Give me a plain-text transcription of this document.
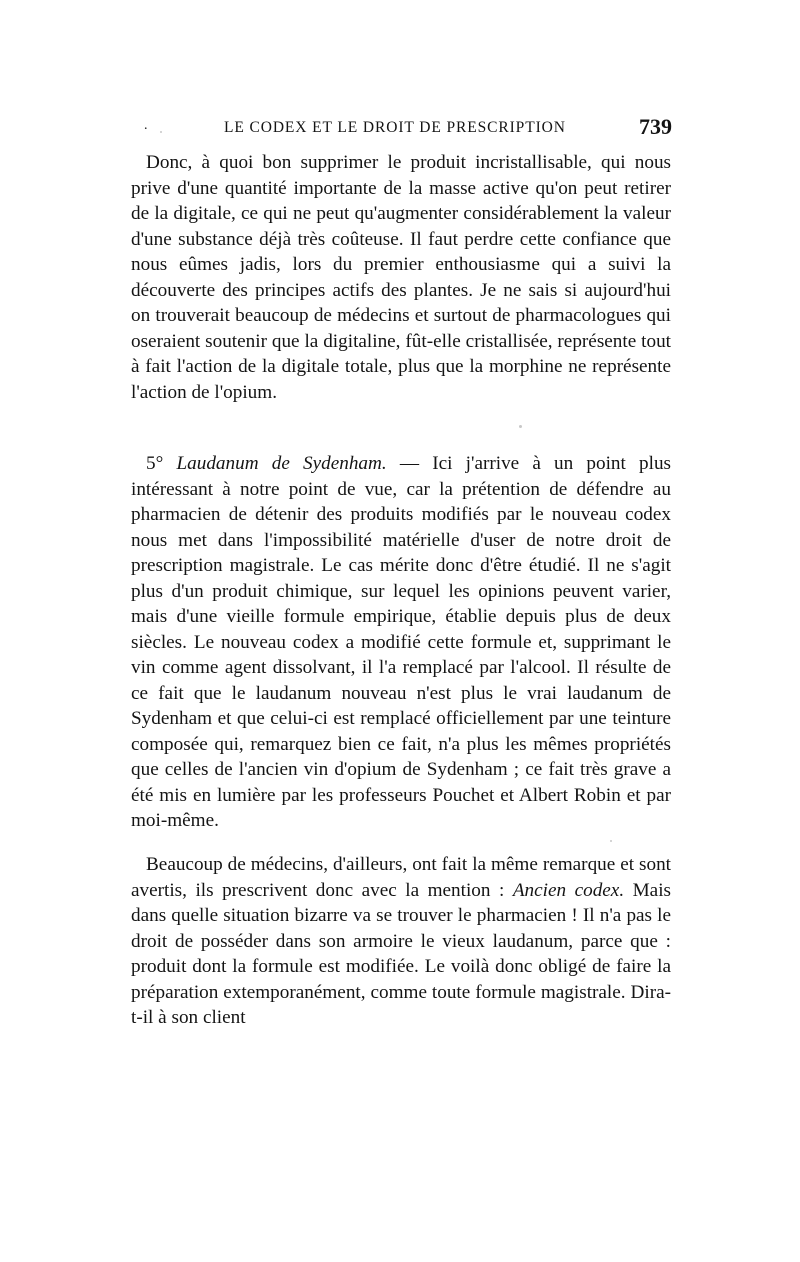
.	LE CODEX ET LE DROIT DE PRESCRIPTION	739

Donc, à quoi bon supprimer le produit incristallisable, qui nous prive d'une quantité importante de la masse active qu'on peut retirer de la digitale, ce qui ne peut qu'augmenter considérablement la valeur d'une substance déjà très coûteuse. Il faut perdre cette confiance que nous eûmes jadis, lors du premier enthousiasme qui a suivi la découverte des principes actifs des plantes. Je ne sais si aujourd'hui on trouverait beaucoup de médecins et surtout de pharmacologues qui oseraient soutenir que la digitaline, fût-elle cristallisée, représente tout à fait l'action de la digitale totale, plus que la morphine ne représente l'action de l'opium.

5° Laudanum de Sydenham. — Ici j'arrive à un point plus intéressant à notre point de vue, car la prétention de défendre au pharmacien de détenir des produits modifiés par le nouveau codex nous met dans l'impossibilité matérielle d'user de notre droit de prescription magistrale. Le cas mérite donc d'être étudié. Il ne s'agit plus d'un produit chimique, sur lequel les opinions peuvent varier, mais d'une vieille formule empirique, établie depuis plus de deux siècles. Le nouveau codex a modifié cette formule et, supprimant le vin comme agent dissolvant, il l'a remplacé par l'alcool. Il résulte de ce fait que le laudanum nouveau n'est plus le vrai laudanum de Sydenham et que celui-ci est remplacé officiellement par une teinture composée qui, remarquez bien ce fait, n'a plus les mêmes propriétés que celles de l'ancien vin d'opium de Sydenham ; ce fait très grave a été mis en lumière par les professeurs Pouchet et Albert Robin et par moi-même.

Beaucoup de médecins, d'ailleurs, ont fait la même remarque et sont avertis, ils prescrivent donc avec la mention : Ancien codex. Mais dans quelle situation bizarre va se trouver le pharmacien ! Il n'a pas le droit de posséder dans son armoire le vieux laudanum, parce que : produit dont la formule est modifiée. Le voilà donc obligé de faire la préparation extemporanément, comme toute formule magistrale. Dira-t-il à son client
